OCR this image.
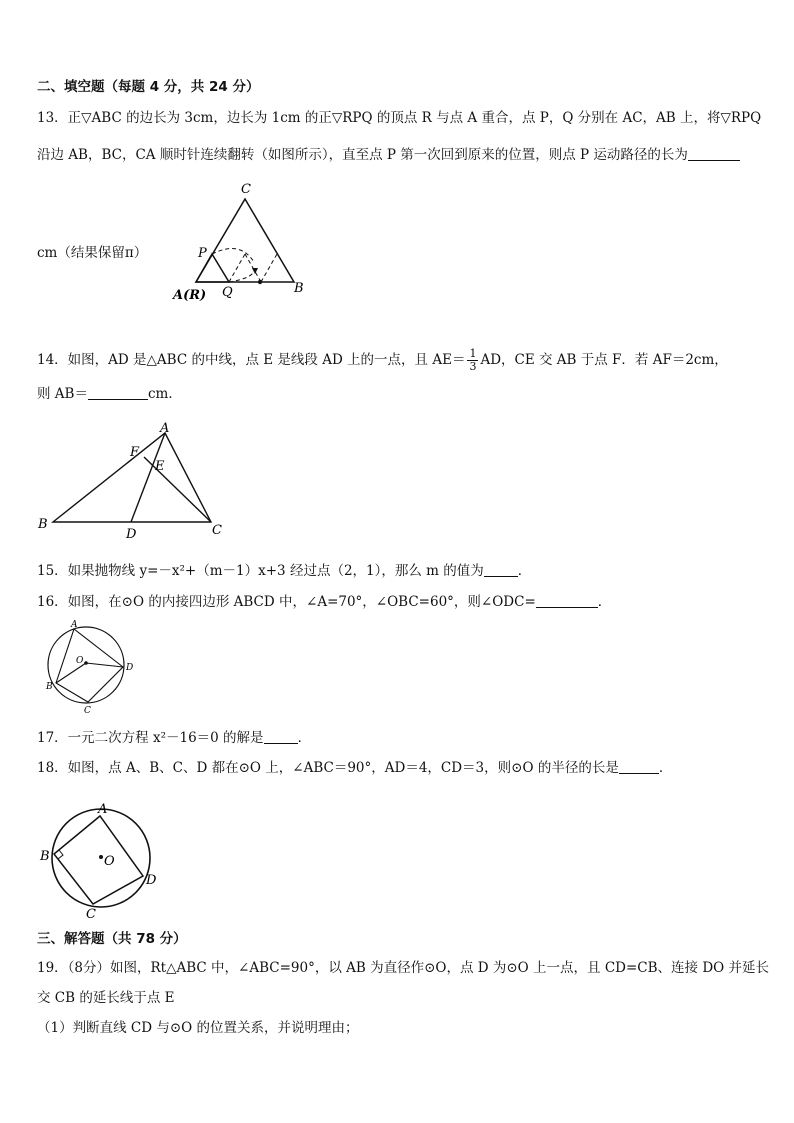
二、填空题（每题 4 分，共 24 分）
13．正▽ABC 的边长为 3cm，边长为 1cm 的正▽RPQ 的顶点 R 与点 A 重合，点 P，Q 分别在 AC，AB 上，将▽RPQ
沿边 AB，BC，CA 顺时针连续翻转（如图所示），直至点 P 第一次回到原来的位置，则点 P 运动路径的长为
cm（结果保留π）
C
P
Q	B
A(R)
14．如图，AD 是△ABC 的中线，点 E 是线段 AD 上的一点，且 $AE= \frac{1}{3}$ AD，CE 交 AB 于点 F．若 AF＝2cm，
则 AB＝	cm．
A
F
E
B
D	C
15．如果抛物线 y=－x²+（m－1）x+3 经过点（2，1），那么 m 的值为	．
16．如图，在⊙O 的内接四边形 ABCD 中，∠A=70°，∠OBC=60°，则∠ODC=	．
A
O
D
B
C
17．一元二次方程 x²－16＝0 的解是	．
18．如图，点 A、B、C、D 都在⊙O 上，∠ABC＝90°，AD＝4，CD＝3，则⊙O 的半径的长是	．
A
B	O
D
C
三、解答题（共 78 分）
19．（8分）如图，Rt△ABC 中，∠ABC=90°，以 AB 为直径作⊙O，点 D 为⊙O 上一点，且 CD=CB、连接 DO 并延长
交 CB 的延长线于点 E
（1）判断直线 CD 与⊙O 的位置关系，并说明理由；
